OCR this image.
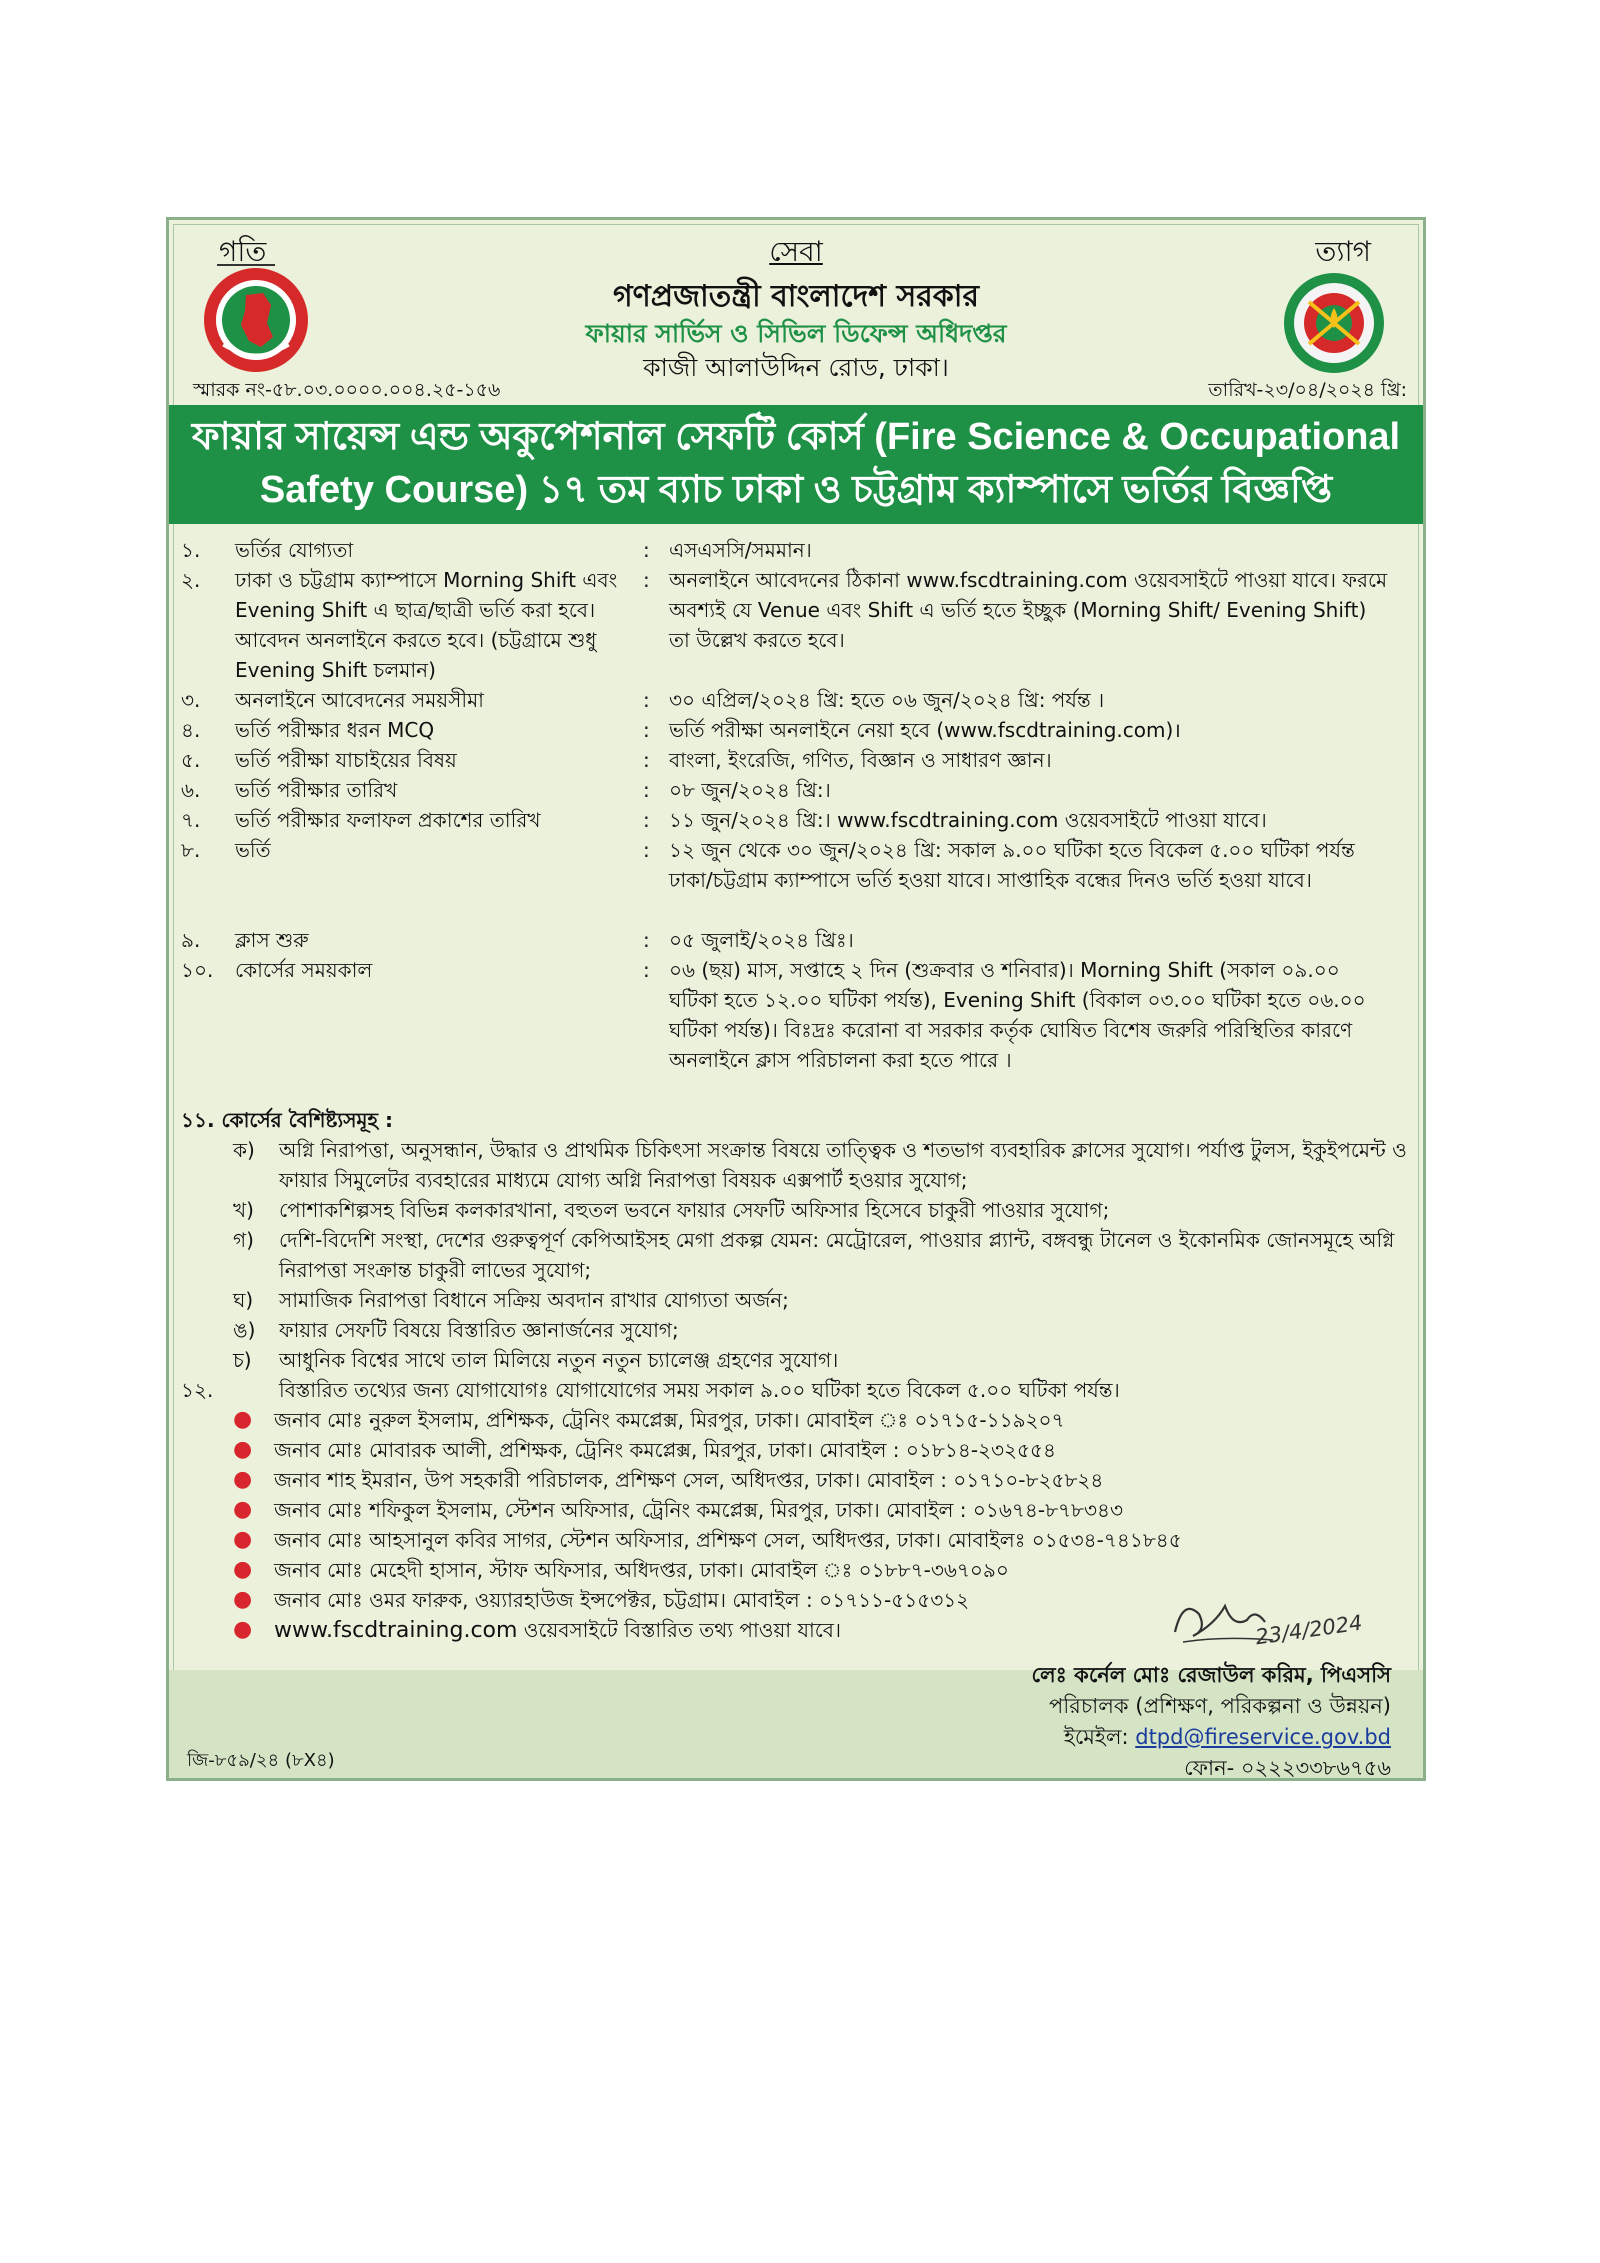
গতি	সেবা	ত্যাগ
গণপ্রজাতন্ত্রী বাংলাদেশ সরকার
ফায়ার সার্ভিস ও সিভিল ডিফেন্স অধিদপ্তর
কাজী আলাউদ্দিন রোড, ঢাকা।
স্মারক নং-৫৮.০৩.০০০০.০০৪.২৫-১৫৬	তারিখ-২৩/০৪/২০২৪ খ্রি:
ফায়ার সায়েন্স এন্ড অকুপেশনাল সেফটি কোর্স (Fire Science & Occupational
Safety Course) ১৭ তম ব্যাচ ঢাকা ও চট্টগ্রাম ক্যাম্পাসে ভর্তির বিজ্ঞপ্তি
১. ভর্তির যোগ্যতা	: এসএসসি/সমমান।
২. ঢাকা ও চট্টগ্রাম ক্যাম্পাসে Morning Shift এবং Evening Shift এ ছাত্র/ছাত্রী ভর্তি করা হবে। আবেদন অনলাইনে করতে হবে। (চট্টগ্রামে শুধু Evening Shift চলমান)
: অনলাইনে আবেদনের ঠিকানা www.fscdtraining.com ওয়েবসাইটে পাওয়া যাবে। ফরমে অবশ্যই যে Venue এবং Shift এ ভর্তি হতে ইচ্ছুক (Morning Shift/ Evening Shift) তা উল্লেখ করতে হবে।
৩. অনলাইনে আবেদনের সময়সীমা	: ৩০ এপ্রিল/২০২৪ খ্রি: হতে ০৬ জুন/২০২৪ খ্রি: পর্যন্ত ।
৪. ভর্তি পরীক্ষার ধরন MCQ	: ভর্তি পরীক্ষা অনলাইনে নেয়া হবে (www.fscdtraining.com)।
৫. ভর্তি পরীক্ষা যাচাইয়ের বিষয়	: বাংলা, ইংরেজি, গণিত, বিজ্ঞান ও সাধারণ জ্ঞান।
৬. ভর্তি পরীক্ষার তারিখ	: ০৮ জুন/২০২৪ খ্রি:।
৭. ভর্তি পরীক্ষার ফলাফল প্রকাশের তারিখ	: ১১ জুন/২০২৪ খ্রি:। www.fscdtraining.com ওয়েবসাইটে পাওয়া যাবে।
৮. ভর্তি	: ১২ জুন থেকে ৩০ জুন/২০২৪ খ্রি: সকাল ৯.০০ ঘটিকা হতে বিকেল ৫.০০ ঘটিকা পর্যন্ত ঢাকা/চট্টগ্রাম ক্যাম্পাসে ভর্তি হওয়া যাবে। সাপ্তাহিক বন্ধের দিনও ভর্তি হওয়া যাবে।
৯. ক্লাস শুরু	: ০৫ জুলাই/২০২৪ খ্রিঃ।
১০. কোর্সের সময়কাল	: ০৬ (ছয়) মাস, সপ্তাহে ২ দিন (শুক্রবার ও শনিবার)। Morning Shift (সকাল ০৯.০০ ঘটিকা হতে ১২.০০ ঘটিকা পর্যন্ত), Evening Shift (বিকাল ০৩.০০ ঘটিকা হতে ০৬.০০ ঘটিকা পর্যন্ত)। বিঃদ্রঃ করোনা বা সরকার কর্তৃক ঘোষিত বিশেষ জরুরি পরিস্থিতির কারণে অনলাইনে ক্লাস পরিচালনা করা হতে পারে ।
১১. কোর্সের বৈশিষ্ট্যসমূহ :
ক) অগ্নি নিরাপত্তা, অনুসন্ধান, উদ্ধার ও প্রাথমিক চিকিৎসা সংক্রান্ত বিষয়ে তাত্ত্বিক ও শতভাগ ব্যবহারিক ক্লাসের সুযোগ। পর্যাপ্ত টুলস, ইকুইপমেন্ট ও ফায়ার সিমুলেটর ব্যবহারের মাধ্যমে যোগ্য অগ্নি নিরাপত্তা বিষয়ক এক্সপার্ট হওয়ার সুযোগ;
খ) পোশাকশিল্পসহ বিভিন্ন কলকারখানা, বহুতল ভবনে ফায়ার সেফটি অফিসার হিসেবে চাকুরী পাওয়ার সুযোগ;
গ) দেশি-বিদেশি সংস্থা, দেশের গুরুত্বপূর্ণ কেপিআইসহ মেগা প্রকল্প যেমন: মেট্রোরেল, পাওয়ার প্ল্যান্ট, বঙ্গবন্ধু টানেল ও ইকোনমিক জোনসমূহে অগ্নি নিরাপত্তা সংক্রান্ত চাকুরী লাভের সুযোগ;
ঘ) সামাজিক নিরাপত্তা বিধানে সক্রিয় অবদান রাখার যোগ্যতা অর্জন;
ঙ) ফায়ার সেফটি বিষয়ে বিস্তারিত জ্ঞানার্জনের সুযোগ;
চ) আধুনিক বিশ্বের সাথে তাল মিলিয়ে নতুন নতুন চ্যালেঞ্জ গ্রহণের সুযোগ।
১২.	বিস্তারিত তথ্যের জন্য যোগাযোগঃ যোগাযোগের সময় সকাল ৯.০০ ঘটিকা হতে বিকেল ৫.০০ ঘটিকা পর্যন্ত।
● জনাব মোঃ নুরুল ইসলাম, প্রশিক্ষক, ট্রেনিং কমপ্লেক্স, মিরপুর, ঢাকা। মোবাইল ঃ ০১৭১৫-১১৯২০৭
● জনাব মোঃ মোবারক আলী, প্রশিক্ষক, ট্রেনিং কমপ্লেক্স, মিরপুর, ঢাকা। মোবাইল : ০১৮১৪-২৩২৫৫৪
● জনাব শাহ ইমরান, উপ সহকারী পরিচালক, প্রশিক্ষণ সেল, অধিদপ্তর, ঢাকা। মোবাইল : ০১৭১০-৮২৫৮২৪
● জনাব মোঃ শফিকুল ইসলাম, স্টেশন অফিসার, ট্রেনিং কমপ্লেক্স, মিরপুর, ঢাকা। মোবাইল : ০১৬৭৪-৮৭৮৩৪৩
● জনাব মোঃ আহসানুল কবির সাগর, স্টেশন অফিসার, প্রশিক্ষণ সেল, অধিদপ্তর, ঢাকা। মোবাইলঃ ০১৫৩৪-৭৪১৮৪৫
● জনাব মোঃ মেহেদী হাসান, স্টাফ অফিসার, অধিদপ্তর, ঢাকা। মোবাইল ঃ ০১৮৮৭-৩৬৭০৯০
● জনাব মোঃ ওমর ফারুক, ওয়্যারহাউজ ইন্সপেক্টর, চট্টগ্রাম। মোবাইল : ০১৭১১-৫১৫৩১২
● www.fscdtraining.com ওয়েবসাইটে বিস্তারিত তথ্য পাওয়া যাবে।	23/4/2024
লেঃ কর্নেল মোঃ রেজাউল করিম, পিএসসি
পরিচালক (প্রশিক্ষণ, পরিকল্পনা ও উন্নয়ন)
ইমেইল: dtpd@fireservice.gov.bd
ফোন- ০২২২৩৩৮৬৭৫৬
জি-৮৫৯/২৪ (৮X৪)
